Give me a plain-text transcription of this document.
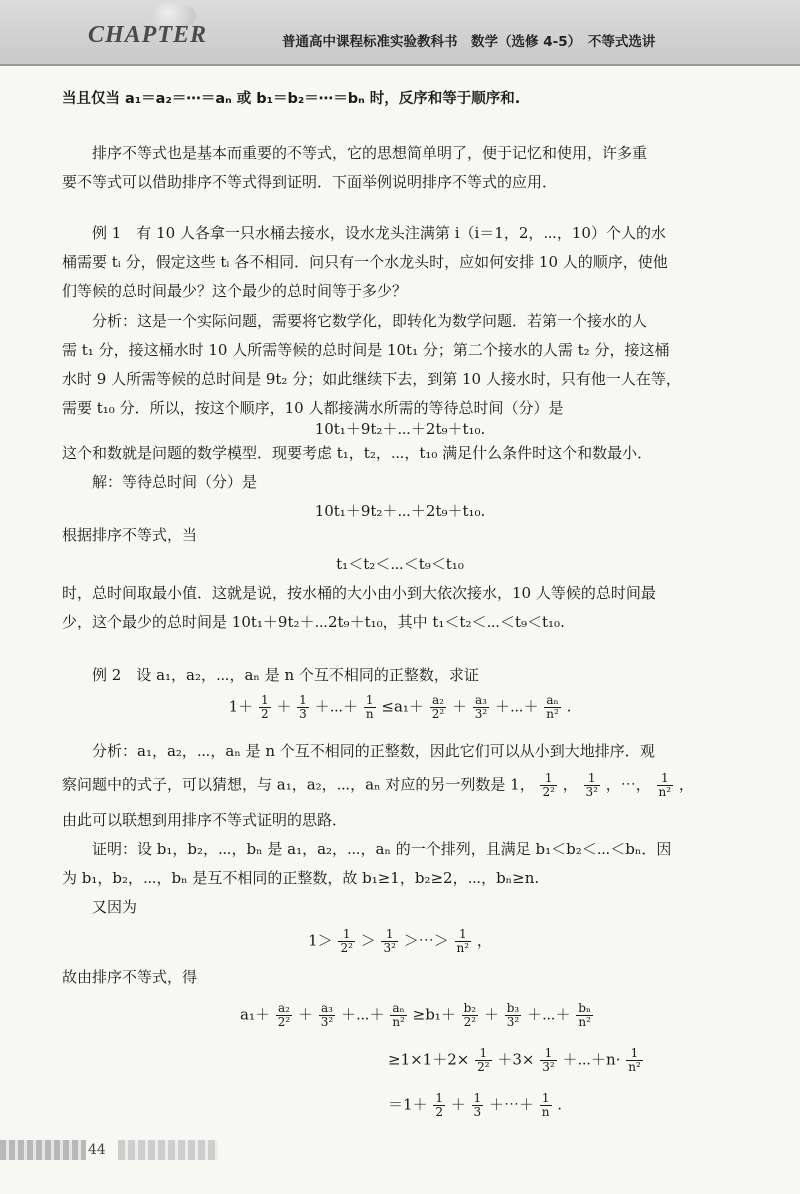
CHAPTER	普通高中课程标准实验教科书　数学（选修 4-5）　不等式选讲
当且仅当 a₁＝a₂＝⋯＝aₙ 或 b₁＝b₂＝⋯＝bₙ 时，反序和等于顺序和.
排序不等式也是基本而重要的不等式，它的思想简单明了，便于记忆和使用，许多重
要不等式可以借助排序不等式得到证明．下面举例说明排序不等式的应用．
例 1　有 10 人各拿一只水桶去接水，设水龙头注满第 i（i＝1，2，⋯，10）个人的水
桶需要 tᵢ 分，假定这些 tᵢ 各不相同．问只有一个水龙头时，应如何安排 10 人的顺序，使他
们等候的总时间最少？这个最少的总时间等于多少？
分析：这是一个实际问题，需要将它数学化，即转化为数学问题．若第一个接水的人
需 t₁ 分，接这桶水时 10 人所需等候的总时间是 10t₁ 分；第二个接水的人需 t₂ 分，接这桶
水时 9 人所需等候的总时间是 9t₂ 分；如此继续下去，到第 10 人接水时，只有他一人在等，
需要 t₁₀ 分．所以，按这个顺序，10 人都接满水所需的等待总时间（分）是
10t₁＋9t₂＋⋯＋2t₉＋t₁₀.
这个和数就是问题的数学模型．现要考虑 t₁，t₂，⋯，t₁₀ 满足什么条件时这个和数最小．
解：等待总时间（分）是
10t₁＋9t₂＋⋯＋2t₉＋t₁₀.
根据排序不等式，当
t₁＜t₂＜⋯＜t₉＜t₁₀
时，总时间取最小值．这就是说，按水桶的大小由小到大依次接水，10 人等候的总时间最
少，这个最少的总时间是 10t₁＋9t₂＋⋯2t₉＋t₁₀，其中 t₁＜t₂＜⋯＜t₉＜t₁₀.
例 2　设 a₁，a₂，⋯，aₙ 是 n 个互不相同的正整数，求证
$1+ \frac{1}{2} + \frac{1}{3}$ ＋⋯＋ $\frac{1}{n} \le a_1+ \frac{\text{a₂}}{\text{2²}} + \frac{\text{a₃}}{\text{3²}}$ ＋⋯＋ $\frac{\text{aₙ}}{\text{n²}}$ .
分析：a₁，a₂，⋯，aₙ 是 n 个互不相同的正整数，因此它们可以从小到大地排序．观
察问题中的式子，可以猜想，与 a₁，a₂，⋯，aₙ 对应的另一列数是 1， $\frac{1}{\text{2²}}$ ， $\frac{1}{\text{3²}}$ ，⋯， $\frac{1}{\text{n²}}$ ，
由此可以联想到用排序不等式证明的思路．
证明：设 b₁，b₂，⋯，bₙ 是 a₁，a₂，⋯，aₙ 的一个排列，且满足 b₁＜b₂＜⋯＜bₙ．因
为 b₁，b₂，⋯，bₙ 是互不相同的正整数，故 b₁≥1，b₂≥2，⋯，bₙ≥n.
又因为
$1> \frac{1}{\text{2²}} > \frac{1}{\text{3²}}$ ＞⋯＞ $\frac{1}{\text{n²}}$ ，
故由排序不等式，得
$a_1+ \frac{\text{a₂}}{\text{2²}} + \frac{\text{a₃}}{\text{3²}}$ ＋⋯＋ $\frac{\text{aₙ}}{\text{n²}} \ge b_1+ \frac{\text{b₂}}{\text{2²}} + \frac{\text{b₃}}{\text{3²}}$ ＋⋯＋ $\frac{\text{bₙ}}{\text{n²}}$
$\ge 1\times 1+2\times \frac{1}{\text{2²}} +3\times \frac{1}{\text{3²}}$ ＋⋯＋n· $\frac{1}{\text{n²}}$
$=1+ \frac{1}{2} + \frac{1}{3}$ ＋⋯＋ $\frac{1}{n}$ .
44
